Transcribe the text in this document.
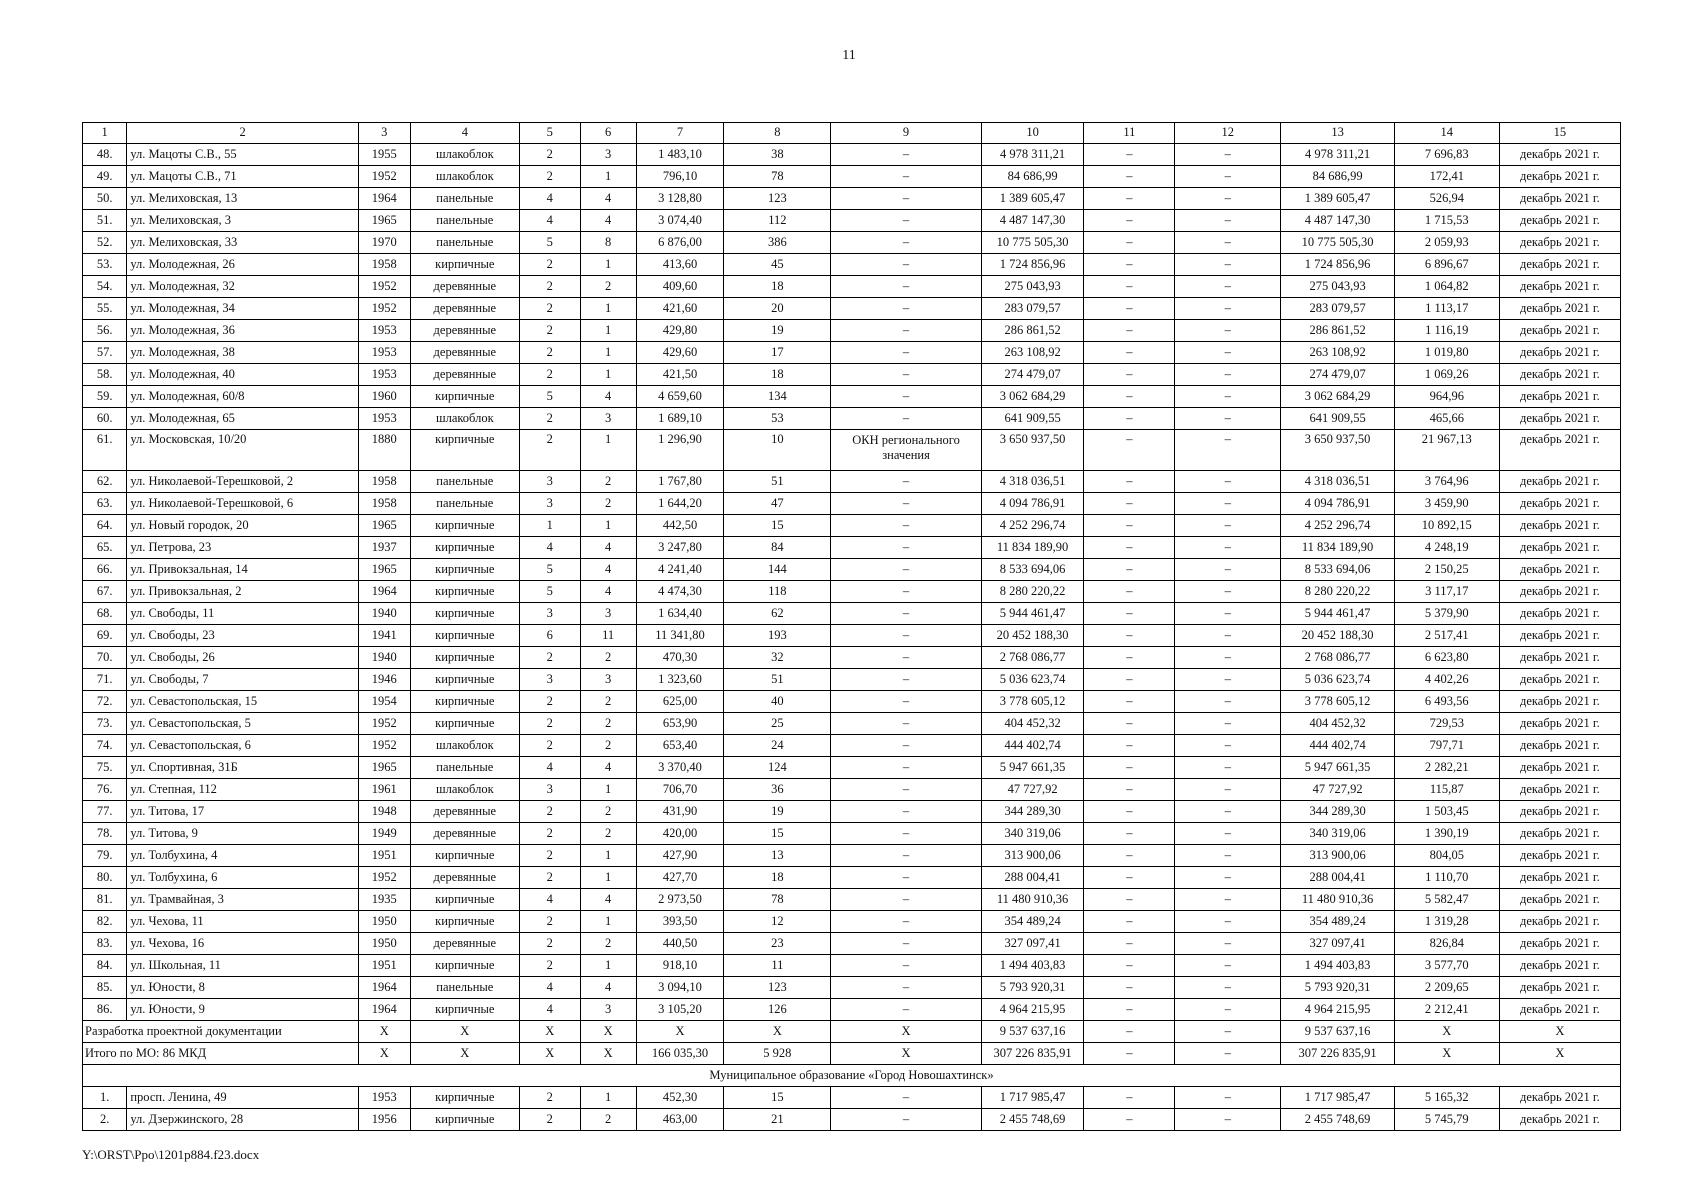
11
1	2	3	4	5	6	7	8	9	10	11	12	13	14	15
48.	ул. Мацоты С.В., 55	1955	шлакоблок	2	3	1 483,10	38	–	4 978 311,21	–	–	4 978 311,21	7 696,83	декабрь 2021 г.
49.	ул. Мацоты С.В., 71	1952	шлакоблок	2	1	796,10	78	–	84 686,99	–	–	84 686,99	172,41	декабрь 2021 г.
50.	ул. Мелиховская, 13	1964	панельные	4	4	3 128,80	123	–	1 389 605,47	–	–	1 389 605,47	526,94	декабрь 2021 г.
51.	ул. Мелиховская, 3	1965	панельные	4	4	3 074,40	112	–	4 487 147,30	–	–	4 487 147,30	1 715,53	декабрь 2021 г.
52.	ул. Мелиховская, 33	1970	панельные	5	8	6 876,00	386	–	10 775 505,30	–	–	10 775 505,30	2 059,93	декабрь 2021 г.
53.	ул. Молодежная, 26	1958	кирпичные	2	1	413,60	45	–	1 724 856,96	–	–	1 724 856,96	6 896,67	декабрь 2021 г.
54.	ул. Молодежная, 32	1952	деревянные	2	2	409,60	18	–	275 043,93	–	–	275 043,93	1 064,82	декабрь 2021 г.
55.	ул. Молодежная, 34	1952	деревянные	2	1	421,60	20	–	283 079,57	–	–	283 079,57	1 113,17	декабрь 2021 г.
56.	ул. Молодежная, 36	1953	деревянные	2	1	429,80	19	–	286 861,52	–	–	286 861,52	1 116,19	декабрь 2021 г.
57.	ул. Молодежная, 38	1953	деревянные	2	1	429,60	17	–	263 108,92	–	–	263 108,92	1 019,80	декабрь 2021 г.
58.	ул. Молодежная, 40	1953	деревянные	2	1	421,50	18	–	274 479,07	–	–	274 479,07	1 069,26	декабрь 2021 г.
59.	ул. Молодежная, 60/8	1960	кирпичные	5	4	4 659,60	134	–	3 062 684,29	–	–	3 062 684,29	964,96	декабрь 2021 г.
60.	ул. Молодежная, 65	1953	шлакоблок	2	3	1 689,10	53	–	641 909,55	–	–	641 909,55	465,66	декабрь 2021 г.
61.	ул. Московская, 10/20	1880	кирпичные	2	1	1 296,90	10	ОКН регионального значения	3 650 937,50	–	–	3 650 937,50	21 967,13	декабрь 2021 г.
62.	ул. Николаевой-Терешковой, 2	1958	панельные	3	2	1 767,80	51	–	4 318 036,51	–	–	4 318 036,51	3 764,96	декабрь 2021 г.
63.	ул. Николаевой-Терешковой, 6	1958	панельные	3	2	1 644,20	47	–	4 094 786,91	–	–	4 094 786,91	3 459,90	декабрь 2021 г.
64.	ул. Новый городок, 20	1965	кирпичные	1	1	442,50	15	–	4 252 296,74	–	–	4 252 296,74	10 892,15	декабрь 2021 г.
65.	ул. Петрова, 23	1937	кирпичные	4	4	3 247,80	84	–	11 834 189,90	–	–	11 834 189,90	4 248,19	декабрь 2021 г.
66.	ул. Привокзальная, 14	1965	кирпичные	5	4	4 241,40	144	–	8 533 694,06	–	–	8 533 694,06	2 150,25	декабрь 2021 г.
67.	ул. Привокзальная, 2	1964	кирпичные	5	4	4 474,30	118	–	8 280 220,22	–	–	8 280 220,22	3 117,17	декабрь 2021 г.
68.	ул. Свободы, 11	1940	кирпичные	3	3	1 634,40	62	–	5 944 461,47	–	–	5 944 461,47	5 379,90	декабрь 2021 г.
69.	ул. Свободы, 23	1941	кирпичные	6	11	11 341,80	193	–	20 452 188,30	–	–	20 452 188,30	2 517,41	декабрь 2021 г.
70.	ул. Свободы, 26	1940	кирпичные	2	2	470,30	32	–	2 768 086,77	–	–	2 768 086,77	6 623,80	декабрь 2021 г.
71.	ул. Свободы, 7	1946	кирпичные	3	3	1 323,60	51	–	5 036 623,74	–	–	5 036 623,74	4 402,26	декабрь 2021 г.
72.	ул. Севастопольская, 15	1954	кирпичные	2	2	625,00	40	–	3 778 605,12	–	–	3 778 605,12	6 493,56	декабрь 2021 г.
73.	ул. Севастопольская, 5	1952	кирпичные	2	2	653,90	25	–	404 452,32	–	–	404 452,32	729,53	декабрь 2021 г.
74.	ул. Севастопольская, 6	1952	шлакоблок	2	2	653,40	24	–	444 402,74	–	–	444 402,74	797,71	декабрь 2021 г.
75.	ул. Спортивная, 31Б	1965	панельные	4	4	3 370,40	124	–	5 947 661,35	–	–	5 947 661,35	2 282,21	декабрь 2021 г.
76.	ул. Степная, 112	1961	шлакоблок	3	1	706,70	36	–	47 727,92	–	–	47 727,92	115,87	декабрь 2021 г.
77.	ул. Титова, 17	1948	деревянные	2	2	431,90	19	–	344 289,30	–	–	344 289,30	1 503,45	декабрь 2021 г.
78.	ул. Титова, 9	1949	деревянные	2	2	420,00	15	–	340 319,06	–	–	340 319,06	1 390,19	декабрь 2021 г.
79.	ул. Толбухина, 4	1951	кирпичные	2	1	427,90	13	–	313 900,06	–	–	313 900,06	804,05	декабрь 2021 г.
80.	ул. Толбухина, 6	1952	деревянные	2	1	427,70	18	–	288 004,41	–	–	288 004,41	1 110,70	декабрь 2021 г.
81.	ул. Трамвайная, 3	1935	кирпичные	4	4	2 973,50	78	–	11 480 910,36	–	–	11 480 910,36	5 582,47	декабрь 2021 г.
82.	ул. Чехова, 11	1950	кирпичные	2	1	393,50	12	–	354 489,24	–	–	354 489,24	1 319,28	декабрь 2021 г.
83.	ул. Чехова, 16	1950	деревянные	2	2	440,50	23	–	327 097,41	–	–	327 097,41	826,84	декабрь 2021 г.
84.	ул. Школьная, 11	1951	кирпичные	2	1	918,10	11	–	1 494 403,83	–	–	1 494 403,83	3 577,70	декабрь 2021 г.
85.	ул. Юности, 8	1964	панельные	4	4	3 094,10	123	–	5 793 920,31	–	–	5 793 920,31	2 209,65	декабрь 2021 г.
86.	ул. Юности, 9	1964	кирпичные	4	3	3 105,20	126	–	4 964 215,95	–	–	4 964 215,95	2 212,41	декабрь 2021 г.
Разработка проектной документации		Х	Х	Х	Х	Х	Х	Х	9 537 637,16	–	–	9 537 637,16	Х	Х
Итого по МО: 86 МКД		Х	Х	Х	Х	166 035,30	5 928	Х	307 226 835,91	–	–	307 226 835,91	Х	Х
Муниципальное образование «Город Новошахтинск»														
1.	просп. Ленина, 49	1953	кирпичные	2	1	452,30	15	–	1 717 985,47	–	–	1 717 985,47	5 165,32	декабрь 2021 г.
2.	ул. Дзержинского, 28	1956	кирпичные	2	2	463,00	21	–	2 455 748,69	–	–	2 455 748,69	5 745,79	декабрь 2021 г.
Y:\ORST\Ppo\1201p884.f23.docx
